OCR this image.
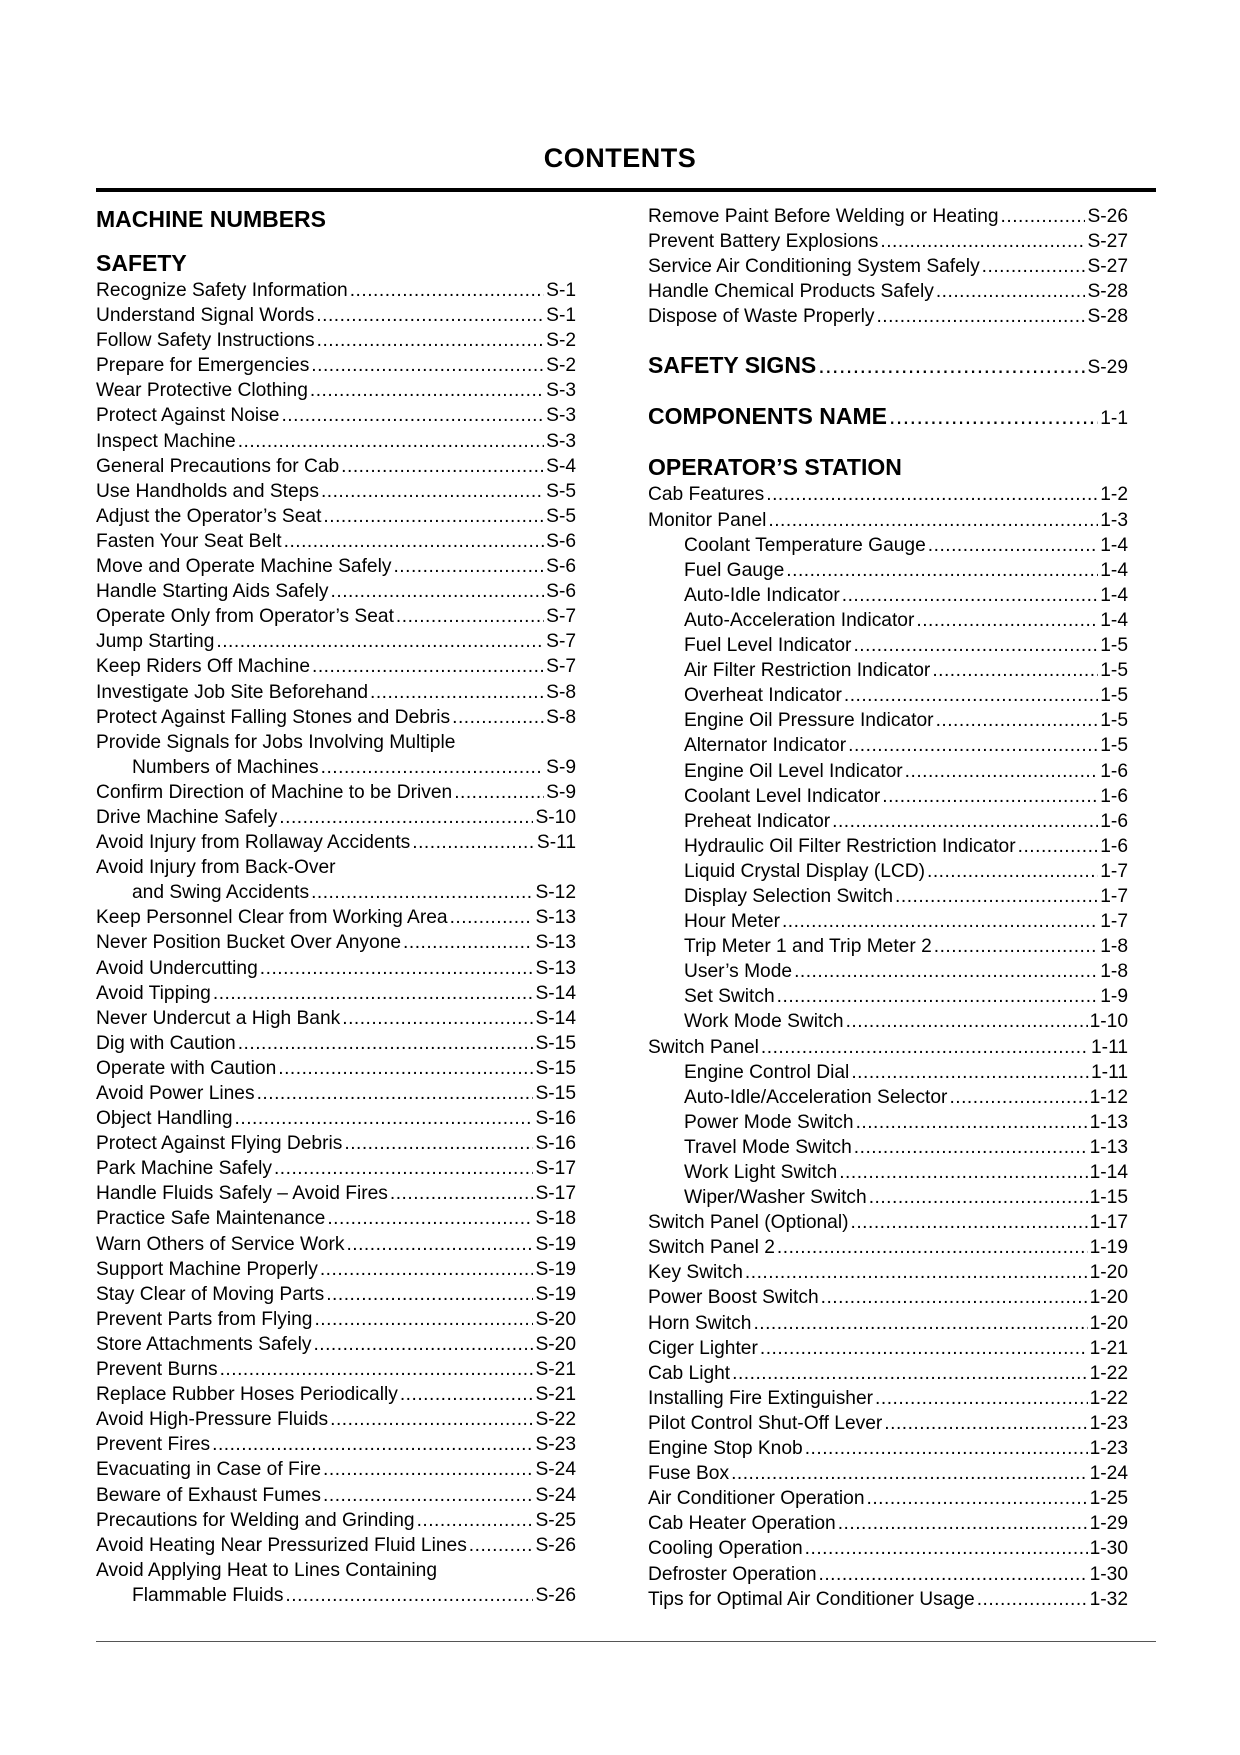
CONTENTS
MACHINE NUMBERS
SAFETY
Recognize Safety Information .....	S-1
Understand Signal Words .....	S-1
Follow Safety Instructions .....	S-2
Prepare for Emergencies .....	S-2
Wear Protective Clothing .....	S-3
Protect Against Noise .....	S-3
Inspect Machine .....	S-3
General Precautions for Cab .....	S-4
Use Handholds and Steps .....	S-5
Adjust the Operator’s Seat .....	S-5
Fasten Your Seat Belt .....	S-6
Move and Operate Machine Safely .....	S-6
Handle Starting Aids Safely .....	S-6
Operate Only from Operator’s Seat .....	S-7
Jump Starting .....	S-7
Keep Riders Off Machine .....	S-7
Investigate Job Site Beforehand .....	S-8
Protect Against Falling Stones and Debris .....	S-8
Provide Signals for Jobs Involving Multiple
Numbers of Machines .....	S-9
Confirm Direction of Machine to be Driven .....	S-9
Drive Machine Safely .....	S-10
Avoid Injury from Rollaway Accidents .....	S-11
Avoid Injury from Back-Over
and Swing Accidents .....	S-12
Keep Personnel Clear from Working Area .....	S-13
Never Position Bucket Over Anyone .....	S-13
Avoid Undercutting .....	S-13
Avoid Tipping .....	S-14
Never Undercut a High Bank .....	S-14
Dig with Caution .....	S-15
Operate with Caution .....	S-15
Avoid Power Lines .....	S-15
Object Handling .....	S-16
Protect Against Flying Debris .....	S-16
Park Machine Safely .....	S-17
Handle Fluids Safely – Avoid Fires .....	S-17
Practice Safe Maintenance .....	S-18
Warn Others of Service Work .....	S-19
Support Machine Properly .....	S-19
Stay Clear of Moving Parts .....	S-19
Prevent Parts from Flying .....	S-20
Store Attachments Safely .....	S-20
Prevent Burns .....	S-21
Replace Rubber Hoses Periodically .....	S-21
Avoid High-Pressure Fluids .....	S-22
Prevent Fires .....	S-23
Evacuating in Case of Fire .....	S-24
Beware of Exhaust Fumes .....	S-24
Precautions for Welding and Grinding .....	S-25
Avoid Heating Near Pressurized Fluid Lines .....	S-26
Avoid Applying Heat to Lines Containing
Flammable Fluids .....	S-26
Remove Paint Before Welding or Heating .....	S-26
Prevent Battery Explosions .....	S-27
Service Air Conditioning System Safely .....	S-27
Handle Chemical Products Safely .....	S-28
Dispose of Waste Properly .....	S-28
SAFETY SIGNS .....	S-29
COMPONENTS NAME .....	1-1
OPERATOR’S STATION
Cab Features .....	1-2
Monitor Panel .....	1-3
Coolant Temperature Gauge .....	1-4
Fuel Gauge .....	1-4
Auto-Idle Indicator .....	1-4
Auto-Acceleration Indicator .....	1-4
Fuel Level Indicator .....	1-5
Air Filter Restriction Indicator .....	1-5
Overheat Indicator .....	1-5
Engine Oil Pressure Indicator .....	1-5
Alternator Indicator .....	1-5
Engine Oil Level Indicator .....	1-6
Coolant Level Indicator .....	1-6
Preheat Indicator .....	1-6
Hydraulic Oil Filter Restriction Indicator .....	1-6
Liquid Crystal Display (LCD) .....	1-7
Display Selection Switch .....	1-7
Hour Meter .....	1-7
Trip Meter 1 and Trip Meter 2 .....	1-8
User’s Mode .....	1-8
Set Switch .....	1-9
Work Mode Switch .....	1-10
Switch Panel .....	1-11
Engine Control Dial .....	1-11
Auto-Idle/Acceleration Selector .....	1-12
Power Mode Switch .....	1-13
Travel Mode Switch .....	1-13
Work Light Switch .....	1-14
Wiper/Washer Switch .....	1-15
Switch Panel (Optional) .....	1-17
Switch Panel 2 .....	1-19
Key Switch .....	1-20
Power Boost Switch .....	1-20
Horn Switch .....	1-20
Ciger Lighter .....	1-21
Cab Light .....	1-22
Installing Fire Extinguisher .....	1-22
Pilot Control Shut-Off Lever .....	1-23
Engine Stop Knob .....	1-23
Fuse Box .....	1-24
Air Conditioner Operation .....	1-25
Cab Heater Operation .....	1-29
Cooling Operation .....	1-30
Defroster Operation .....	1-30
Tips for Optimal Air Conditioner Usage .....	1-32
